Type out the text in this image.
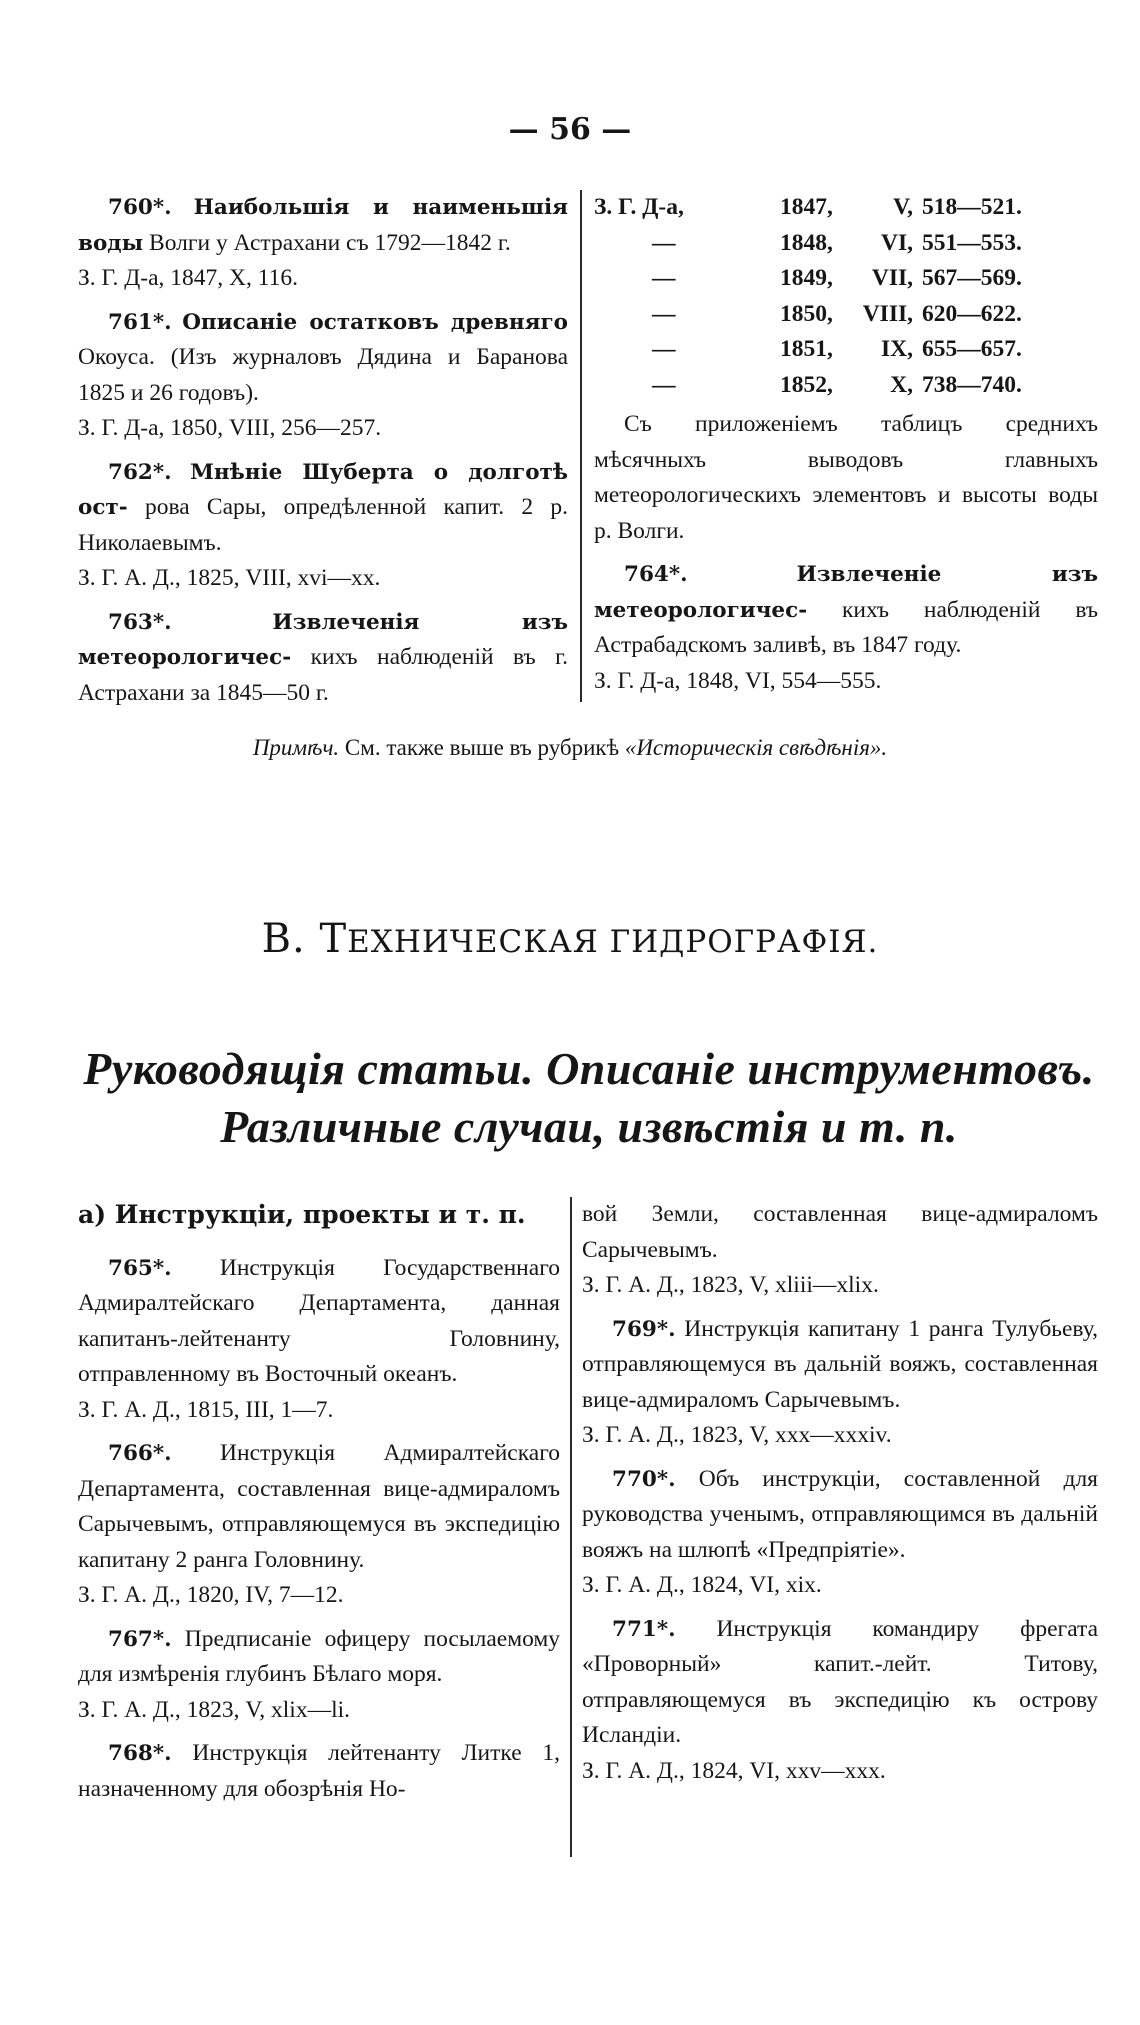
— 56 —

760*. Наибольшія и наименьшія воды Волги у Астрахани съ 1792—1842 г.

З. Г. Д-а, 1847, Х, 116.

761*. Описаніе остатковъ древняго Окоуса. (Изъ журналовъ Дядина и Баранова 1825 и 26 годовъ).

З. Г. Д-а, 1850, VIII, 256—257.

762*. Мнѣніе Шуберта о долготѣ ост- рова Сары, опредѣленной капит. 2 р. Николаевымъ.

З. Г. А. Д., 1825, VIII, xvi—xx.

763*.	Извлеченія изъ метеорологичес- кихъ наблюденій въ г. Астрахани за 1845—50 г.

З. Г. Д-а,	1847,	V,	518—521.
—	1848,	VI,	551—553.
—	1849,	VII,	567—569.
—	1850,	VIII,	620—622.
—	1851,	IX,	655—657.
—	1852,	X,	738—740.

Съ приложеніемъ таблицъ среднихъ мѣсячныхъ выводовъ главныхъ метеорологическихъ элементовъ и высоты воды р. Волги.

764*.	Извлеченіе изъ метеорологичес- кихъ наблюденій въ Астрабадскомъ заливѣ, въ 1847 году.

З. Г. Д-а, 1848, VI, 554—555.

Примѣч. См. также выше въ рубрикѣ «Историческія свѣдѣнія».
В. ТЕХНИЧЕСКАЯ ГИДРОГРАФІЯ.
Руководящія статьи. Описаніе инструментовъ. Различные случаи, извѣстія и т. п.

а) Инструкціи, проекты и т. п.

765*. Инструкція Государственнаго Адмиралтейскаго Департамента, данная капитанъ-лейтенанту Головнину, отправленному въ Восточный океанъ.

З. Г. А. Д., 1815, III, 1—7.

766*. Инструкція Адмиралтейскаго Департамента, составленная вице-адмираломъ Сарычевымъ, отправляющемуся въ экспедицію капитану 2 ранга Головнину.

З. Г. А. Д., 1820, IV, 7—12.

767*. Предписаніе офицеру посылаемому для измѣренія глубинъ Бѣлаго моря.

З. Г. А. Д., 1823, V, xlix—li.

768*. Инструкція лейтенанту Литке 1, назначенному для обозрѣнія Но-

вой Земли, составленная вице-адмираломъ Сарычевымъ.

З. Г. А. Д., 1823, V, xliii—xlix.

769*. Инструкція капитану 1 ранга Тулубьеву, отправляющемуся въ дальній вояжъ, составленная вице-адмираломъ Сарычевымъ.

З. Г. А. Д., 1823, V, xxx—xxxiv.

770*. Объ инструкціи, составленной для руководства ученымъ, отправляющимся въ дальній вояжъ на шлюпѣ «Предпріятіе».

З. Г. А. Д., 1824, VI, xix.

771*. Инструкція командиру фрегата «Проворный» капит.-лейт. Титову, отправляющемуся въ экспедицію къ острову Исландіи.

З. Г. А. Д., 1824, VI, xxv—xxx.
